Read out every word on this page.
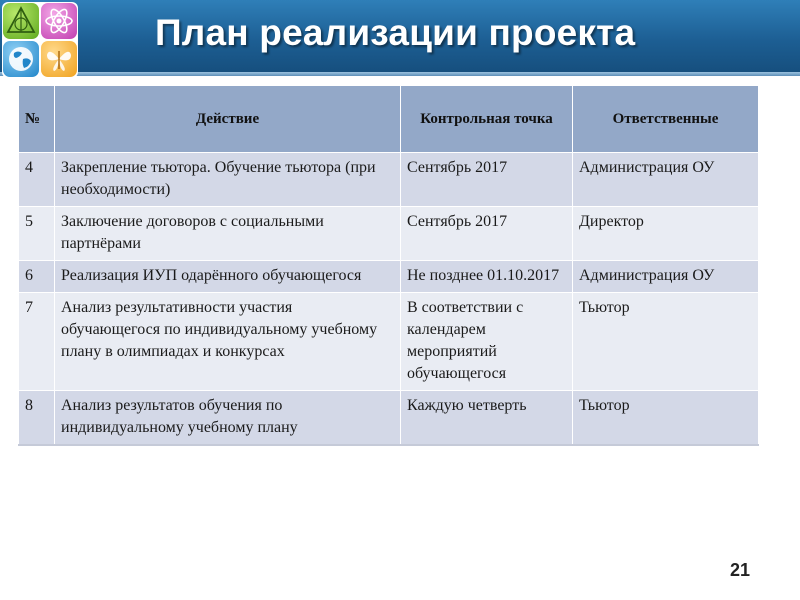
План реализации проекта
№	Действие	Контрольная точка	Ответственные
4	Закрепление тьютора. Обучение тьютора (при необходимости)	Сентябрь 2017	Администрация ОУ
5	Заключение договоров с социальными партнёрами	Сентябрь 2017	Директор
6	Реализация ИУП одарённого обучающегося	Не позднее 01.10.2017	Администрация ОУ
7	Анализ результативности участия обучающегося по индивидуальному учебному плану в олимпиадах и конкурсах	В соответствии с календарем мероприятий обучающегося	Тьютор
8	Анализ результатов обучения по индивидуальному учебному плану	Каждую четверть	Тьютор
21
